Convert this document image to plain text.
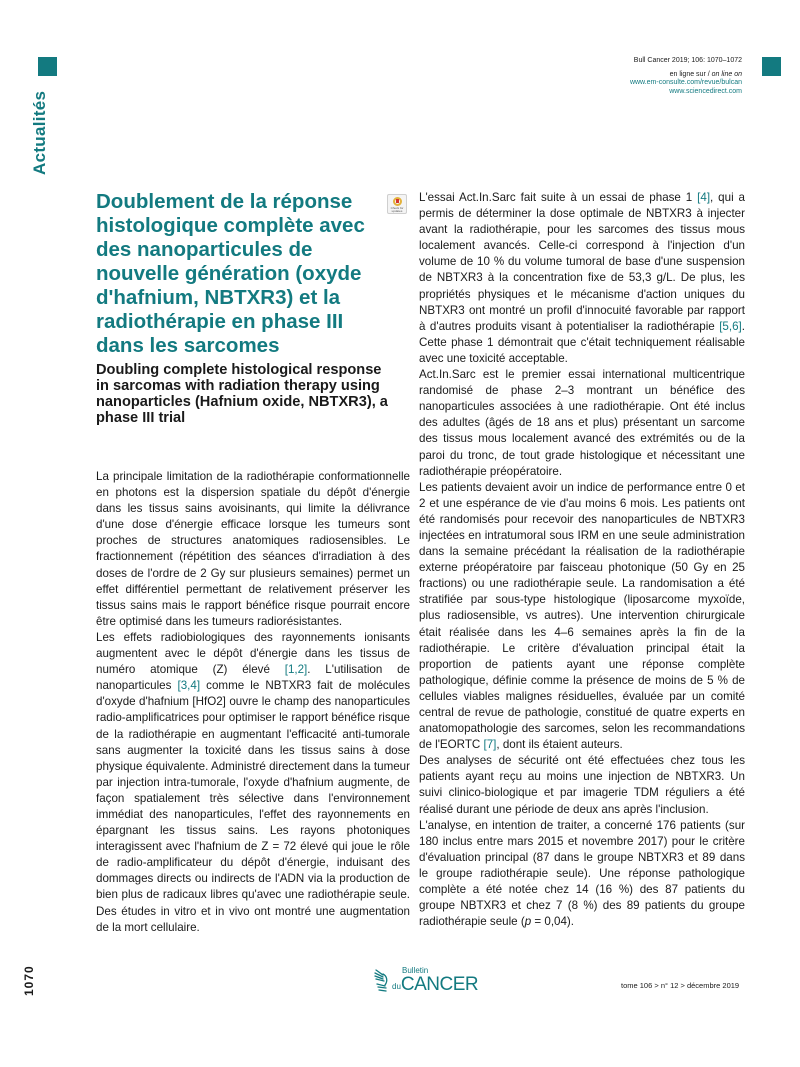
Actualités
Bull Cancer 2019; 106: 1070–1072
en ligne sur / on line on
www.em-consulte.com/revue/bulcan
www.sciencedirect.com
Doublement de la réponse histologique complète avec des nanoparticules de nouvelle génération (oxyde d'hafnium, NBTXR3) et la radiothérapie en phase III dans les sarcomes
Check for updates
Doubling complete histological response in sarcomas with radiation therapy using nanoparticles (Hafnium oxide, NBTXR3), a phase III trial

La principale limitation de la radiothérapie conformationnelle en photons est la dispersion spatiale du dépôt d'énergie dans les tissus sains avoisinants, qui limite la délivrance d'une dose d'énergie efficace lorsque les tumeurs sont proches de structures anatomiques radiosensibles. Le fractionnement (répétition des séances d'irradiation à des doses de l'ordre de 2 Gy sur plusieurs semaines) permet un effet différentiel permettant de relativement préserver les tissus sains mais le rapport bénéfice risque pourrait encore être optimisé dans les tumeurs radiorésistantes.

Les effets radiobiologiques des rayonnements ionisants augmentent avec le dépôt d'énergie dans les tissus de numéro atomique (Z) élevé [1,2]. L'utilisation de nanoparticules [3,4] comme le NBTXR3 fait de molécules d'oxyde d'hafnium [HfO2] ouvre le champ des nanoparticules radio-amplificatrices pour optimiser le rapport bénéfice risque de la radiothérapie en augmentant l'efficacité anti-tumorale sans augmenter la toxicité dans les tissus sains à dose physique équivalente. Administré directement dans la tumeur par injection intra-tumorale, l'oxyde d'hafnium augmente, de façon spatialement très sélective dans l'environnement immédiat des nanoparticules, l'effet des rayonnements en épargnant les tissus sains. Les rayons photoniques interagissent avec l'hafnium de Z = 72 élevé qui joue le rôle de radio-amplificateur du dépôt d'énergie, induisant des dommages directs ou indirects de l'ADN via la production de bien plus de radicaux libres qu'avec une radiothérapie seule. Des études in vitro et in vivo ont montré une augmentation de la mort cellulaire.

L'essai Act.In.Sarc fait suite à un essai de phase 1 [4], qui a permis de déterminer la dose optimale de NBTXR3 à injecter avant la radiothérapie, pour les sarcomes des tissus mous localement avancés. Celle-ci correspond à l'injection d'un volume de 10 % du volume tumoral de base d'une suspension de NBTXR3 à la concentration fixe de 53,3 g/L. De plus, les propriétés physiques et le mécanisme d'action uniques du NBTXR3 ont montré un profil d'innocuité favorable par rapport à d'autres produits visant à potentialiser la radiothérapie [5,6]. Cette phase 1 démontrait que c'était techniquement réalisable avec une toxicité acceptable.

Act.In.Sarc est le premier essai international multicentrique randomisé de phase 2–3 montrant un bénéfice des nanoparticules associées à une radiothérapie. Ont été inclus des adultes (âgés de 18 ans et plus) présentant un sarcome des tissus mous localement avancé des extrémités ou de la paroi du tronc, de tout grade histologique et nécessitant une radiothérapie préopératoire.

Les patients devaient avoir un indice de performance entre 0 et 2 et une espérance de vie d'au moins 6 mois. Les patients ont été randomisés pour recevoir des nanoparticules de NBTXR3 injectées en intratumoral sous IRM en une seule administration dans la semaine précédant la réalisation de la radiothérapie externe préopératoire par faisceau photonique (50 Gy en 25 fractions) ou une radiothérapie seule. La randomisation a été stratifiée par sous-type histologique (liposarcome myxoïde, plus radiosensible, vs autres). Une intervention chirurgicale était réalisée dans les 4–6 semaines après la fin de la radiothérapie. Le critère d'évaluation principal était la proportion de patients ayant une réponse complète pathologique, définie comme la présence de moins de 5 % de cellules viables malignes résiduelles, évaluée par un comité central de revue de pathologie, constitué de quatre experts en anatomopathologie des sarcomes, selon les recommandations de l'EORTC [7], dont ils étaient auteurs.

Des analyses de sécurité ont été effectuées chez tous les patients ayant reçu au moins une injection de NBTXR3. Un suivi clinico-biologique et par imagerie TDM réguliers a été réalisé durant une période de deux ans après l'inclusion.

L'analyse, en intention de traiter, a concerné 176 patients (sur 180 inclus entre mars 2015 et novembre 2017) pour le critère d'évaluation principal (87 dans le groupe NBTXR3 et 89 dans le groupe radiothérapie seule). Une réponse pathologique complète a été notée chez 14 (16 %) des 87 patients du groupe NBTXR3 et chez 7 (8 %) des 89 patients du groupe radiothérapie seule (p = 0,04).

1070	Bulletin
du CANCER	tome 106 > n° 12 > décembre 2019
